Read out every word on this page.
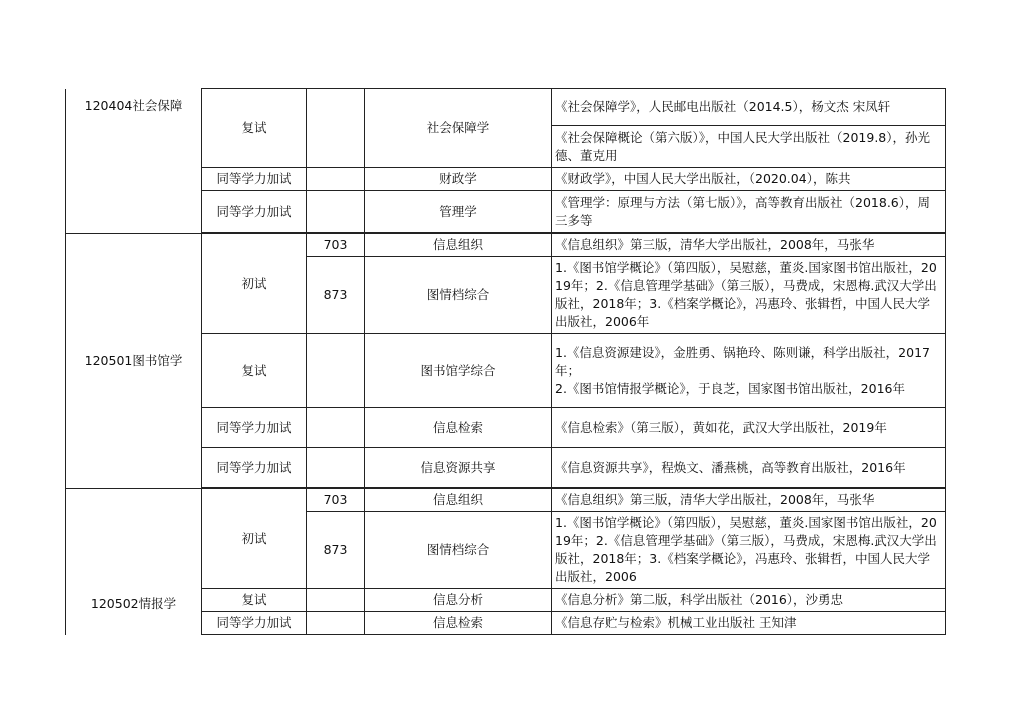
120404社会保障	复试		社会保障学	《社会保障学》，人民邮电出版社（2014.5），杨文杰 宋凤轩
				《社会保障概论（第六版）》，中国人民大学出版社（2019.8），孙光德、董克用
	同等学力加试		财政学	《财政学》，中国人民大学出版社，（2020.04），陈共
	同等学力加试		管理学	《管理学：原理与方法（第七版）》，高等教育出版社（2018.6），周三多等

120501图书馆学	初试	703	信息组织	《信息组织》第三版，清华大学出版社，2008年，马张华
		873	图情档综合	1.《图书馆学概论》（第四版），吴慰慈，董炎.国家图书馆出版社，2019年；2.《信息管理学基础》（第三版），马费成，宋恩梅.武汉大学出版社，2018年；3.《档案学概论》，冯惠玲、张辑哲，中国人民大学出版社，2006年
	复试		图书馆学综合	1.《信息资源建设》，金胜勇、锅艳玲、陈则谦，科学出版社，2017年；
2.《图书馆情报学概论》，于良芝，国家图书馆出版社，2016年

	同等学力加试		信息检索	《信息检索》（第三版），黄如花，武汉大学出版社，2019年
	同等学力加试		信息资源共享	《信息资源共享》，程焕文、潘燕桃，高等教育出版社，2016年

120502情报学	初试	703	信息组织	《信息组织》第三版，清华大学出版社，2008年，马张华
		873	图情档综合	1.《图书馆学概论》（第四版），吴慰慈，董炎.国家图书馆出版社，2019年；2.《信息管理学基础》（第三版），马费成，宋恩梅.武汉大学出版社，2018年；3.《档案学概论》，冯惠玲、张辑哲，中国人民大学出版社，2006
	复试		信息分析	《信息分析》第二版，科学出版社（2016），沙勇忠
	同等学力加试		信息检索	《信息存贮与检索》机械工业出版社 王知津
